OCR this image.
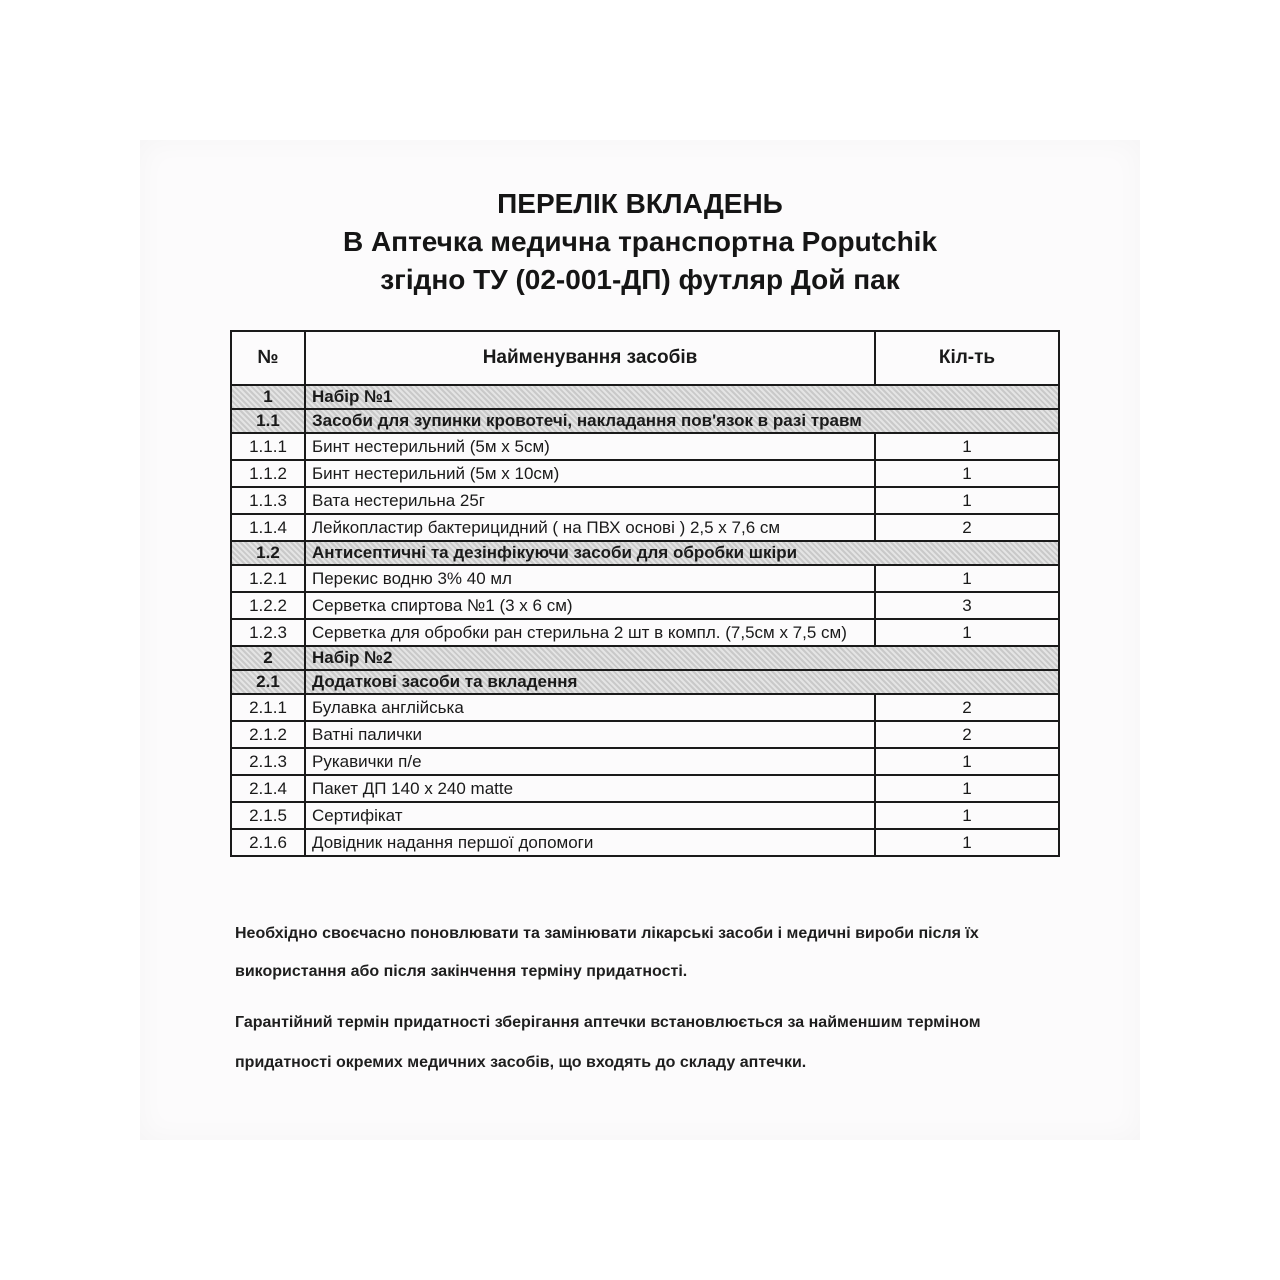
ПЕРЕЛІК ВКЛАДЕНЬ
В Аптечка медична транспортна Poputchik
згідно ТУ (02-001-ДП) футляр Дой пак
№	Найменування засобів	Кіл-ть
1	Набір №1	
1.1	Засоби для зупинки кровотечі, накладання пов'язок в разі травм	
1.1.1	Бинт нестерильний (5м х 5см)	1
1.1.2	Бинт нестерильний (5м х 10см)	1
1.1.3	Вата нестерильна 25г	1
1.1.4	Лейкопластир бактерицидний ( на ПВХ основі ) 2,5 х 7,6 см	2
1.2	Антисептичні та дезінфікуючи засоби для обробки шкіри	
1.2.1	Перекис водню 3% 40 мл	1
1.2.2	Серветка спиртова №1 (3 х 6 см)	3
1.2.3	Серветка для обробки ран стерильна 2 шт в компл. (7,5см х 7,5 см)	1
2	Набір №2	
2.1	Додаткові засоби та вкладення	
2.1.1	Булавка англійська	2
2.1.2	Ватні палички	2
2.1.3	Рукавички п/е	1
2.1.4	Пакет ДП 140 х 240 matte	1
2.1.5	Сертифікат	1
2.1.6	Довідник надання першої допомоги	1

Необхідно своєчасно поновлювати та замінювати лікарські засоби і медичні вироби після їх використання або після закінчення терміну придатності.

Гарантійний термін придатності зберігання аптечки встановлюється за найменшим терміном придатності окремих медичних засобів, що входять до складу аптечки.
